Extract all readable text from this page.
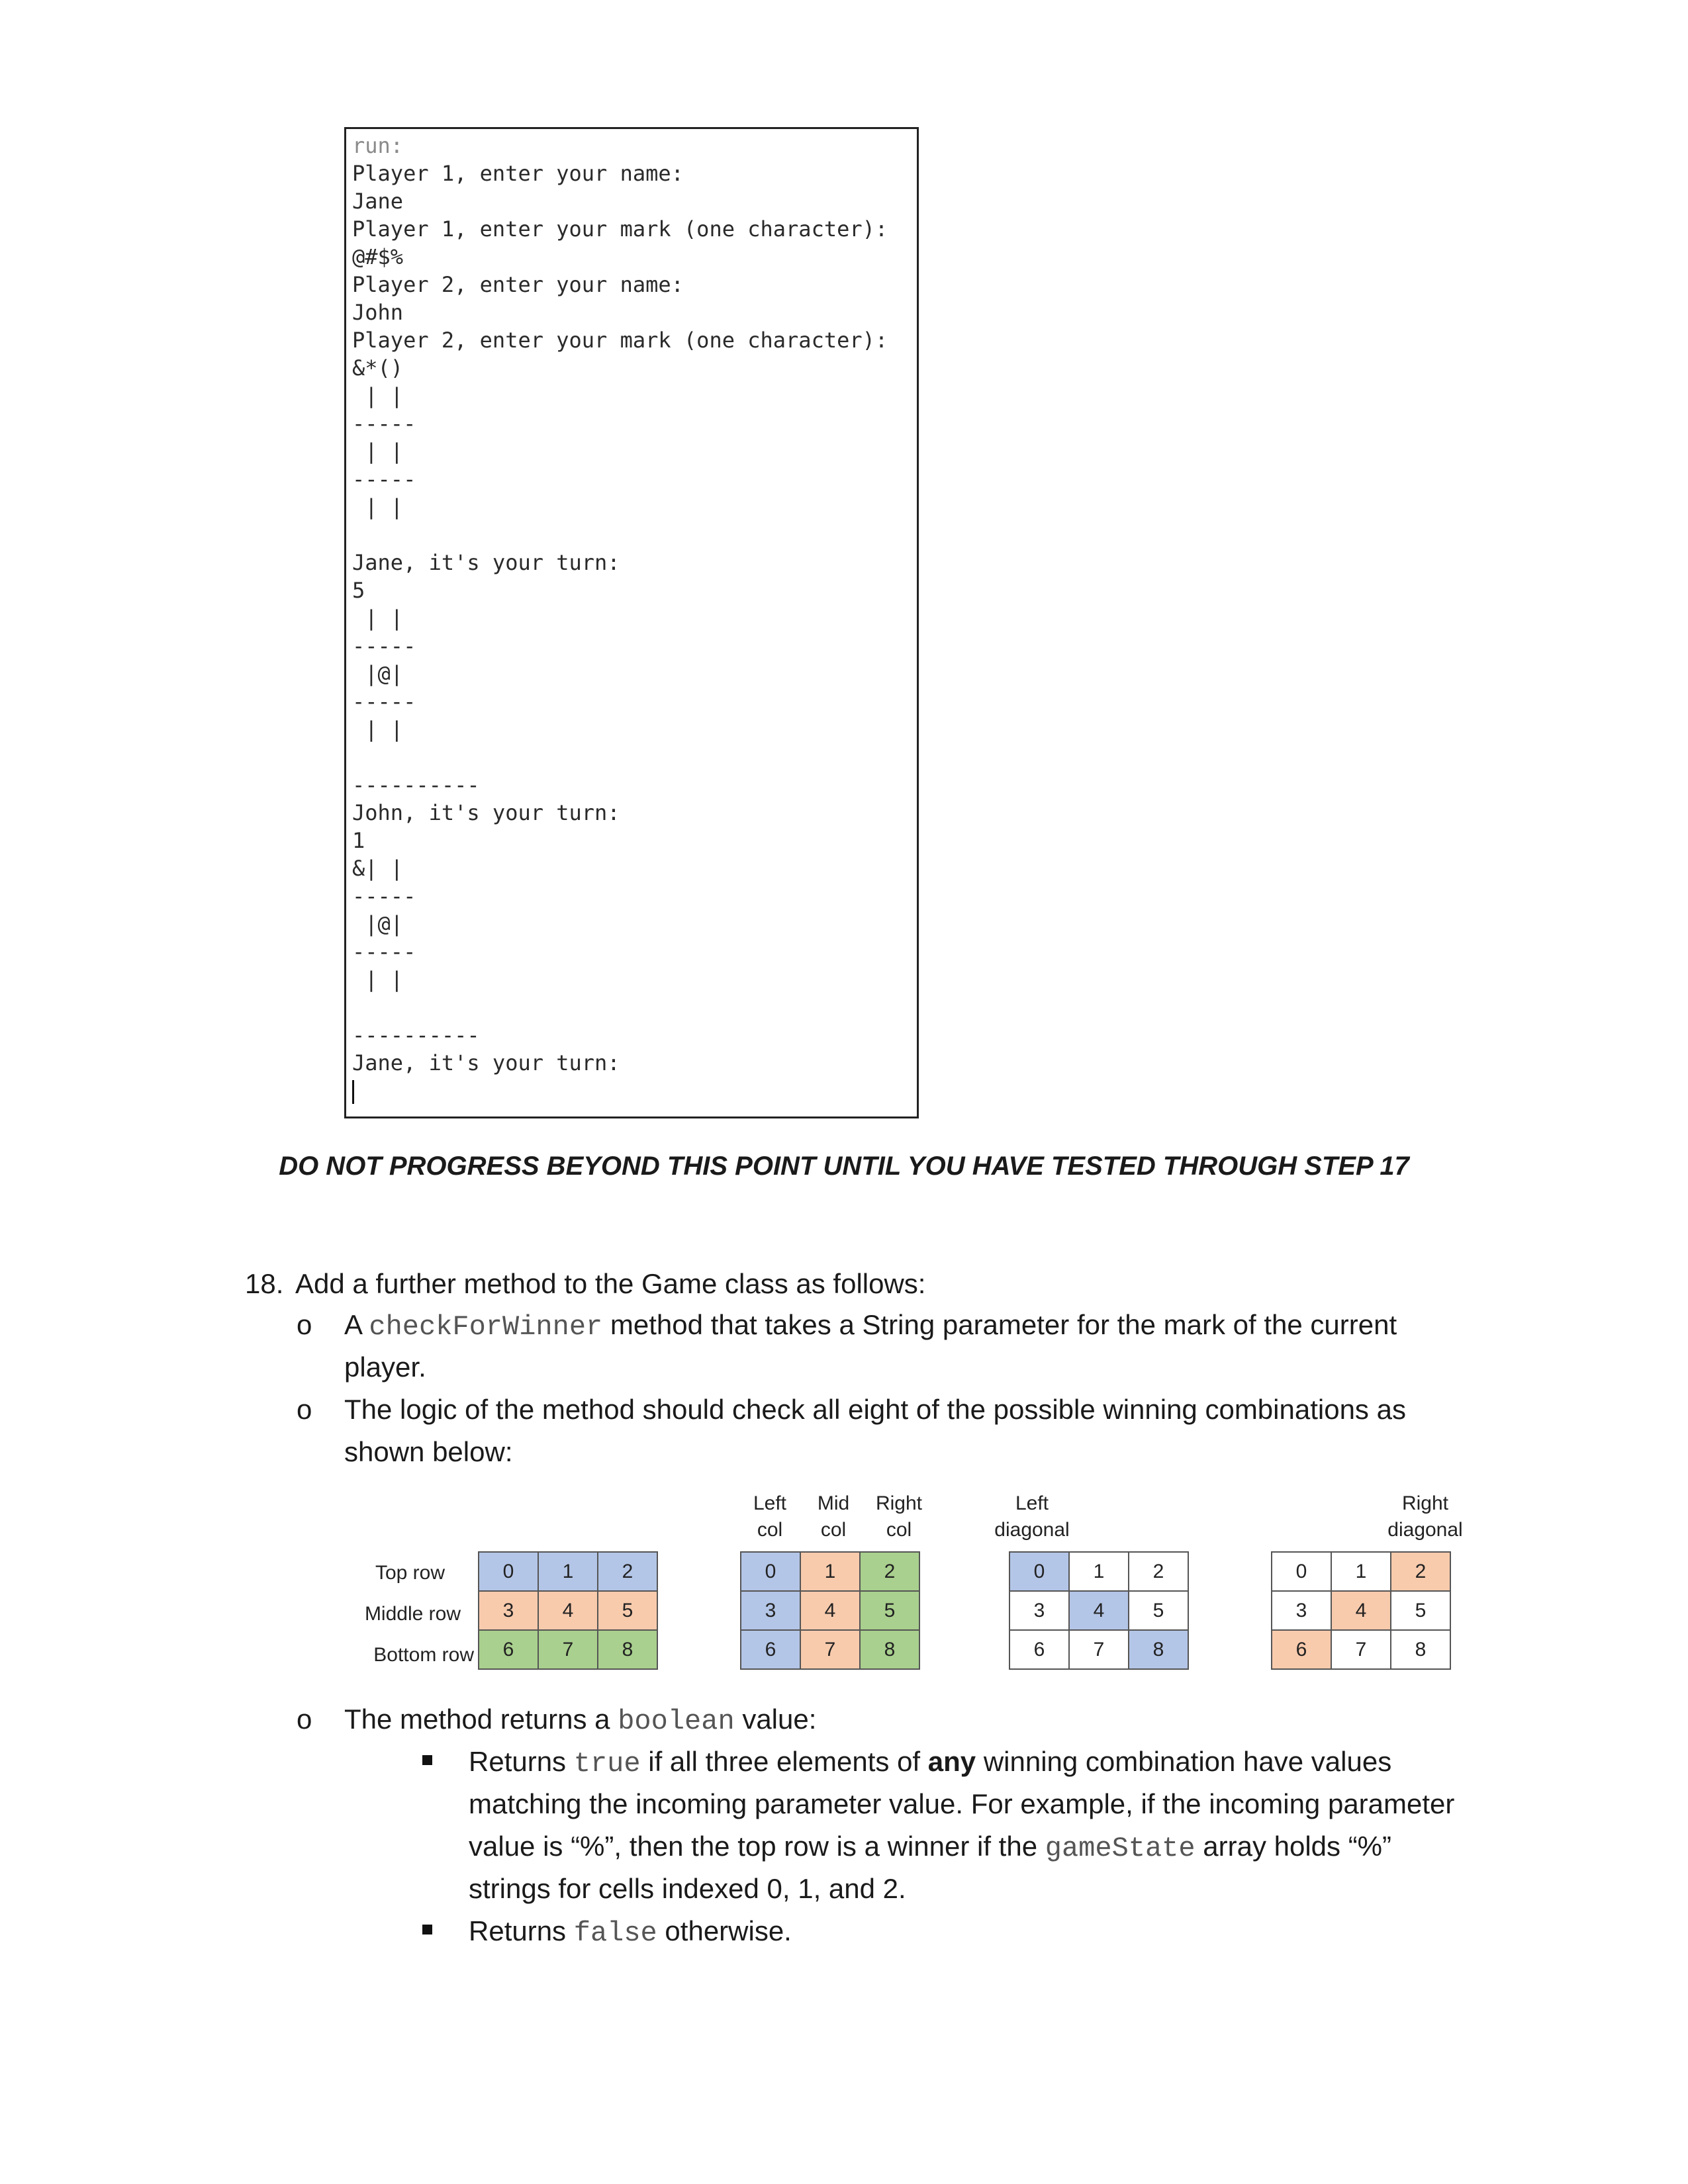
run:
Player 1, enter your name:
Jane
Player 1, enter your mark (one character):
@#$%
Player 2, enter your name:
John
Player 2, enter your mark (one character):
&*()
| |
-----
| |
-----
| |
Jane, it's your turn:
5
| |
-----
|@|
-----
| |
----------
John, it's your turn:
1
&| |
-----
|@|
-----
| |
----------
Jane, it's your turn:
DO NOT PROGRESS BEYOND THIS POINT UNTIL YOU HAVE TESTED THROUGH STEP 17
18. Add a further method to the Game class as follows:
o A checkForWinner method that takes a String parameter for the mark of the current
player.
o The logic of the method should check all eight of the possible winning combinations as
shown below:
Top row
Middle row
Bottom row
0	1	2
3	4	5
6	7	8
Left
col
Mid
col
Right
col
0	1	2
3	4	5
6	7	8
Left
diagonal
0	1	2
3	4	5
6	7	8
Right
diagonal
0	1	2
3	4	5
6	7	8
o The method returns a boolean value:
Returns true if all three elements of any winning combination have values
matching the incoming parameter value. For example, if the incoming parameter
value is “%”, then the top row is a winner if the gameState array holds “%”
strings for cells indexed 0, 1, and 2.
Returns false otherwise.
